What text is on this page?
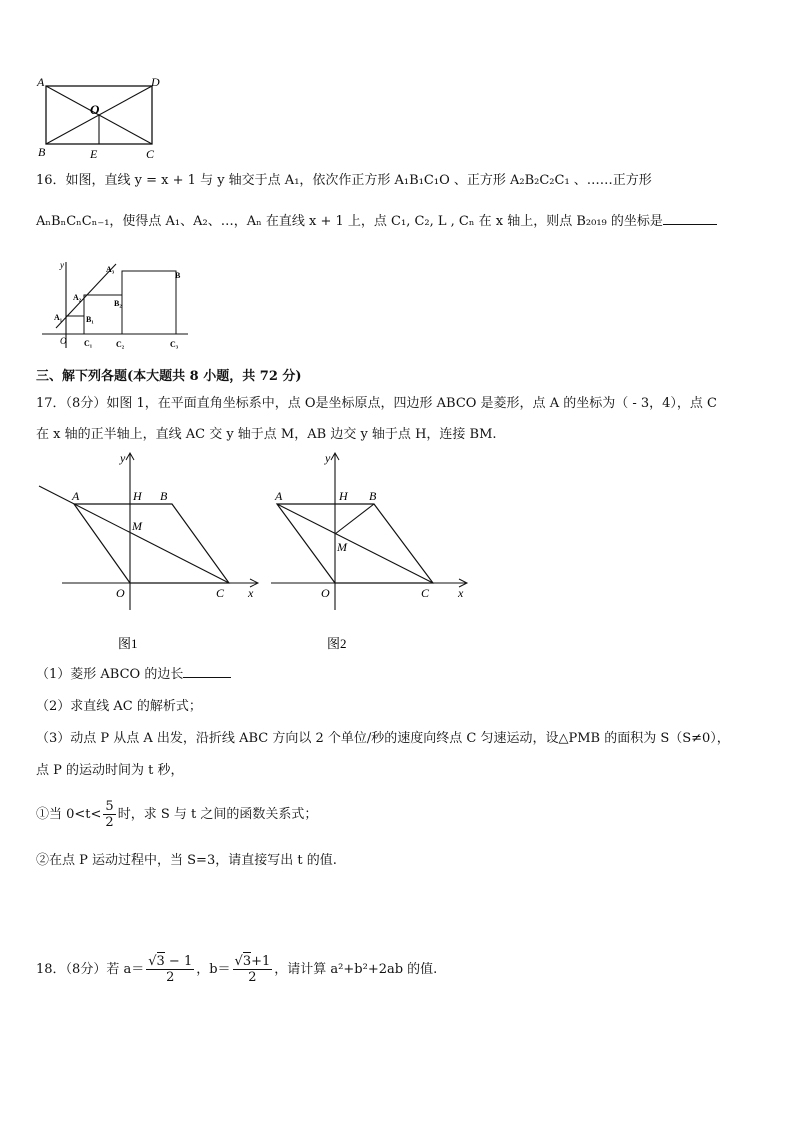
A	D
O
B	E	C
16．如图，直线 y = x + 1 与 y 轴交于点 A₁，依次作正方形 A₁B₁C₁O 、正方形 A₂B₂C₂C₁ 、……正方形
AₙBₙCₙCₙ₋₁，使得点 A₁、A₂、…，Aₙ 在直线 x + 1 上，点 C₁, C₂, L , Cₙ 在 x 轴上，则点 B₂₀₁₉ 的坐标是
y
O
A₁
A₂
A₃
B₁
B₂
B
C₁	C₂	C₃
三、解下列各题(本大题共 8 小题，共 72 分)
17．（8分）如图 1，在平面直角坐标系中，点 O是坐标原点，四边形 ABCO 是菱形，点 A 的坐标为（ - 3，4），点 C
在 x 轴的正半轴上，直线 AC 交 y 轴于点 M，AB 边交 y 轴于点 H，连接 BM.
y
x
A	H B
M
O	C
图1
y
x
A	H B
M
O	C
图2
（1）菱形 ABCO 的边长
（2）求直线 AC 的解析式；
（3）动点 P 从点 A 出发，沿折线 ABC 方向以 2 个单位/秒的速度向终点 C 匀速运动，设△PMB 的面积为 S（S≠0），
点 P 的运动时间为 t 秒，
①当 $0<t< \frac{5}{2}$ 时，求 S 与 t 之间的函数关系式；
②在点 P 运动过程中，当 S=3，请直接写出 t 的值.
18．（8分）若 $a= \frac{√3 - 1}{2}$ ，$b= \frac{√3+1}{2}$ ，请计算 a²+b²+2ab 的值.
